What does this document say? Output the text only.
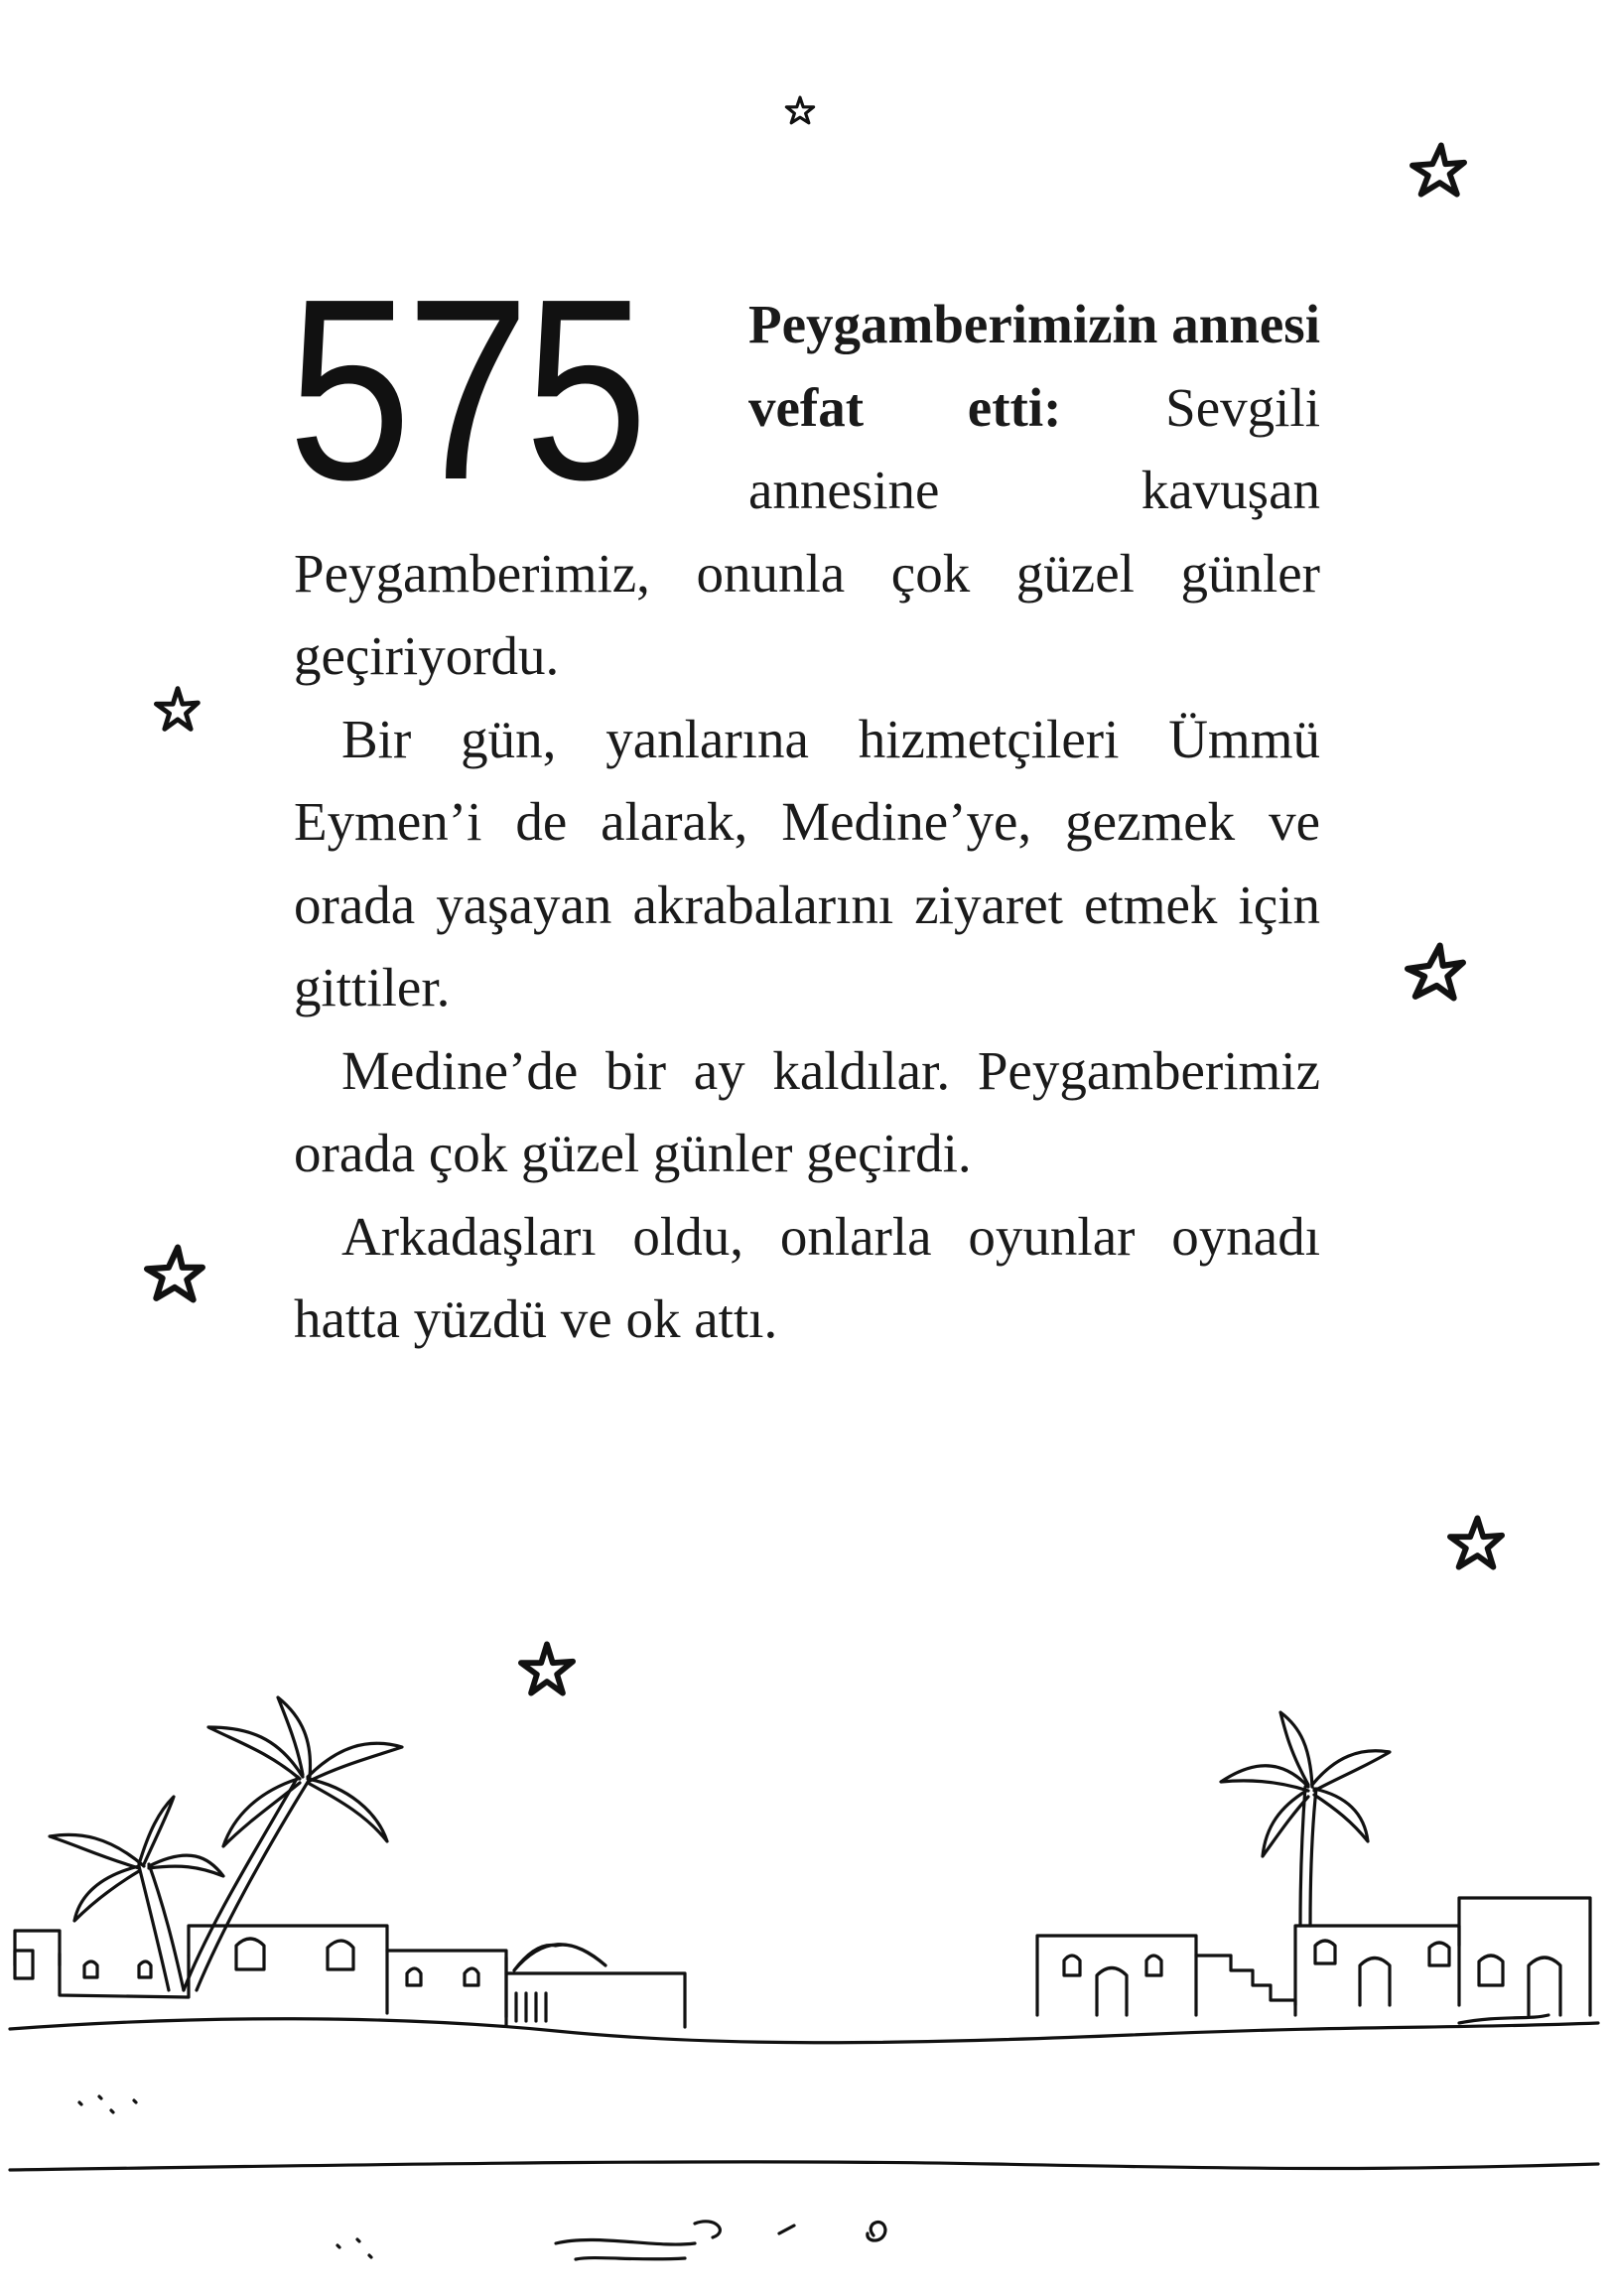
575	Peygamberimizin annesi vefat etti: Sevgili annesine kavuşan Peygamberimiz, onunla çok güzel günler geçiriyordu.

Bir gün, yanlarına hizmetçileri Ümmü Eymen’i de alarak, Medine’ye, gezmek ve orada yaşayan akrabalarını ziyaret etmek için gittiler.

Medine’de bir ay kaldılar. Peygamberimiz orada çok güzel günler geçirdi.

Arkadaşları oldu, onlarla oyunlar oynadı hatta yüzdü ve ok attı.
